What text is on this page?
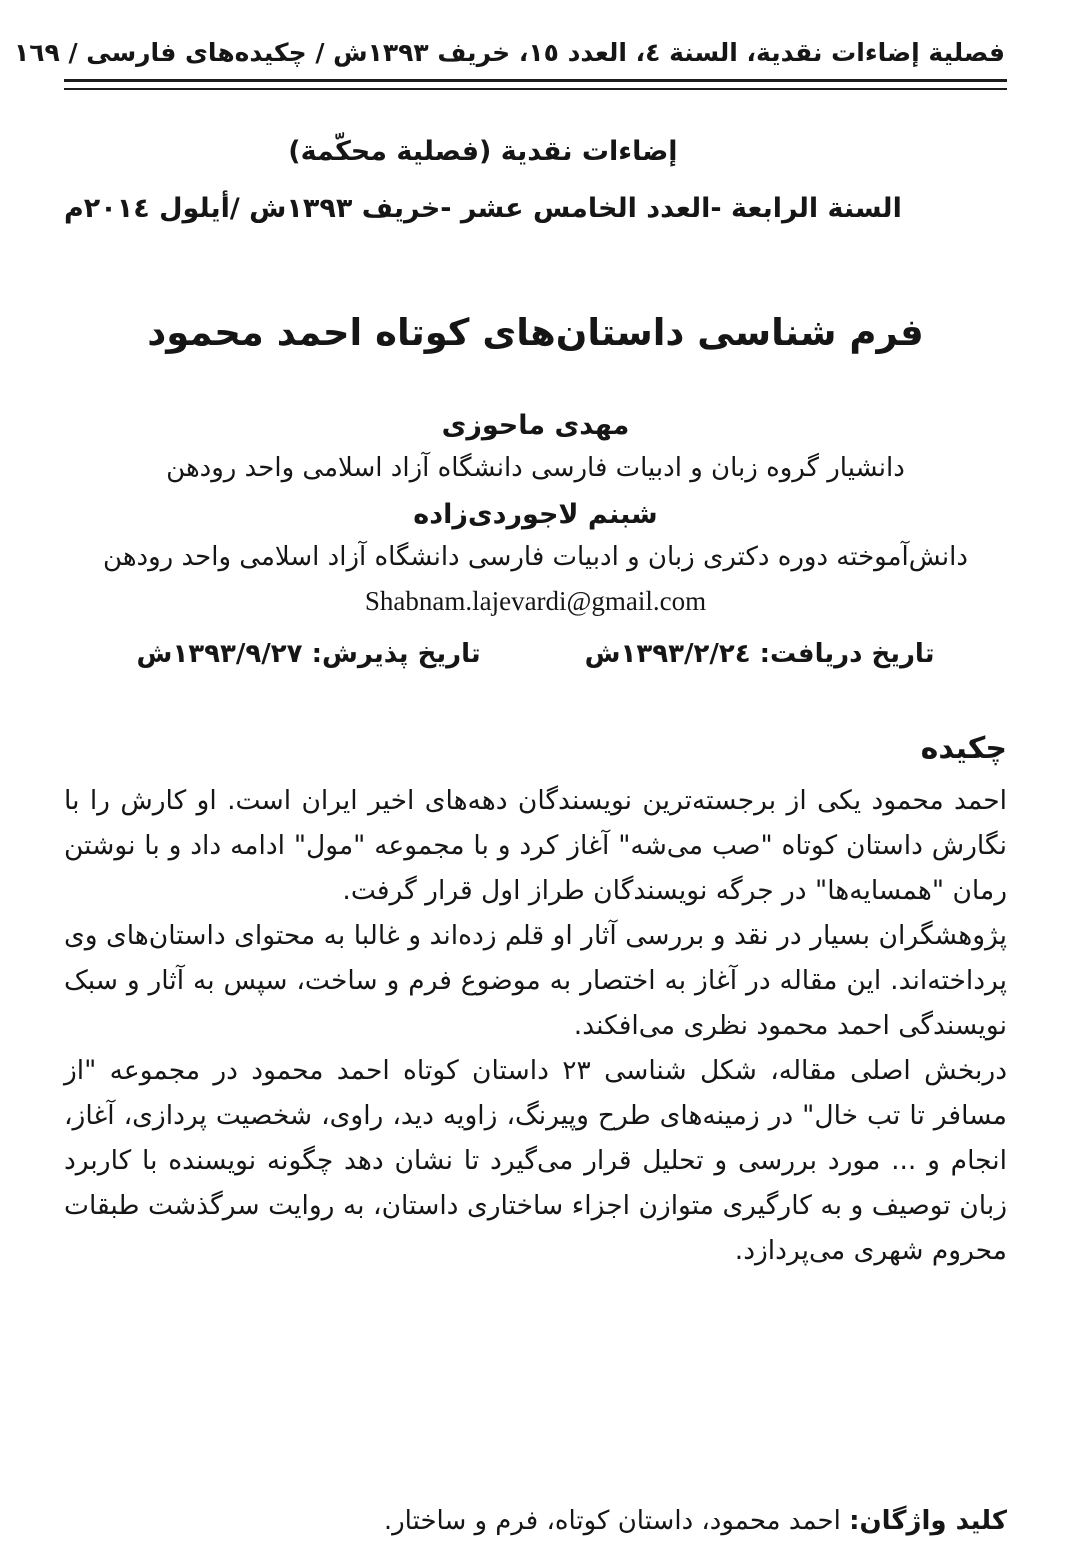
فصلية إضاءات نقدية، السنة ٤، العدد ١٥، خريف ١٣٩٣ش / چکیده‌های فارسی / ١٦٩
إضاءات نقدية (فصلية محكّمة)
السنة الرابعة -العدد الخامس عشر -خريف ١٣٩٣ش /أيلول ٢٠١٤م
فرم شناسی داستان‌های کوتاه احمد محمود
مهدی ماحوزی
دانشیار گروه زبان و ادبیات فارسی دانشگاه آزاد اسلامی واحد رودهن
شبنم لاجوردی‌زاده
دانش‌آموخته دوره دکتری زبان و ادبیات فارسی دانشگاه آزاد اسلامی واحد رودهن
Shabnam.lajevardi@gmail.com
تاریخ دریافت: ١٣٩٣/٢/٢٤ش
تاریخ پذیرش: ١٣٩٣/٩/٢٧ش
چکیده

احمد محمود یکی از برجسته‌ترین نویسندگان دهه‌های اخیر ایران است. او کارش را با نگارش داستان کوتاه "صب می‌شه" آغاز کرد و با مجموعه "مول" ادامه داد و با نوشتن رمان "همسایه‌ها" در جرگه نویسندگان طراز اول قرار گرفت.

پژوهشگران بسیار در نقد و بررسی آثار او قلم زده‌اند و غالبا به محتوای داستان‌های وی پرداخته‌اند. این مقاله در آغاز به اختصار به موضوع فرم و ساخت، سپس به آثار و سبک نویسندگی احمد محمود نظری می‌افکند.

دربخش اصلی مقاله، شکل شناسی ٢٣ داستان کوتاه احمد محمود در مجموعه "از مسافر تا تب خال" در زمینه‌های طرح وپیرنگ، زاویه دید، راوی، شخصیت پردازی، آغاز، انجام و ... مورد بررسی و تحلیل قرار می‌گیرد تا نشان دهد چگونه نویسنده با کاربرد زبان توصیف و به کارگیری متوازن اجزاء ساختاری داستان، به روایت سرگذشت طبقات محروم شهری می‌پردازد.

کلید واژگان: احمد محمود، داستان کوتاه، فرم و ساختار.
